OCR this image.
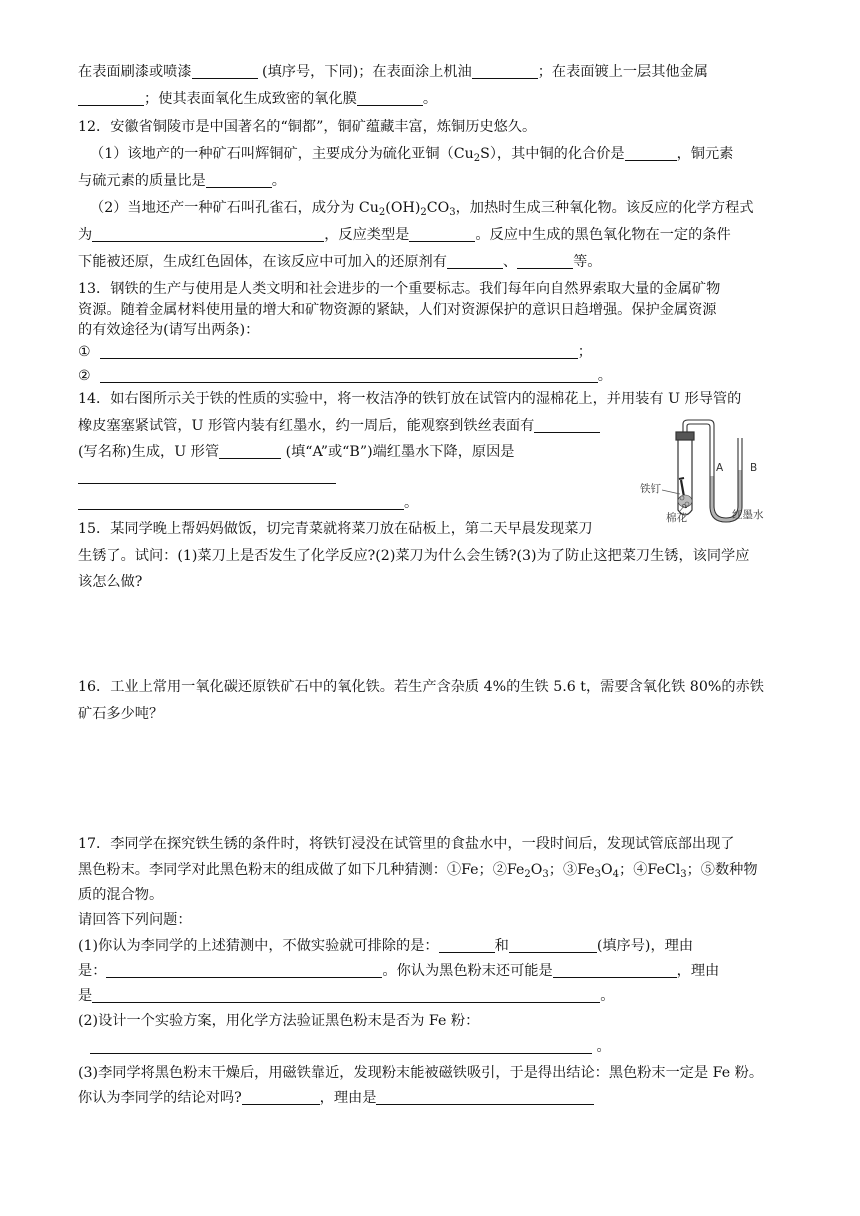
在表面刷漆或喷漆	(填序号，下同)；在表面涂上机油	；在表面镀上一层其他金属
；使其表面氧化生成致密的氧化膜	。
12．安徽省铜陵市是中国著名的“铜都”，铜矿蕴藏丰富，炼铜历史悠久。
（1）该地产的一种矿石叫辉铜矿，主要成分为硫化亚铜$(Cu_2S)$，其中铜的化合价是	，铜元素
与硫元素的质量比是	。
（2）当地还产一种矿石叫孔雀石，成分为 $Cu_2(OH)_2CO_3$，加热时生成三种氧化物。该反应的化学方程式
为	，反应类型是	。反应中生成的黑色氧化物在一定的条件
下能被还原，生成红色固体，在该反应中可加入的还原剂有	、	等。
13．钢铁的生产与使用是人类文明和社会进步的一个重要标志。我们每年向自然界索取大量的金属矿物
资源。随着金属材料使用量的增大和矿物资源的紧缺，人们对资源保护的意识日趋增强。保护金属资源
的有效途径为(请写出两条)：
①	；
②	。
14．如右图所示关于铁的性质的实验中，将一枚洁净的铁钉放在试管内的湿棉花上，并用装有 U 形导管的
橡皮塞塞紧试管，U 形管内装有红墨水，约一周后，能观察到铁丝表面有
(写名称)生成，U 形管	(填“A”或“B”)端红墨水下降，原因是
。
A	B
铁钉
棉花	红墨水
15．某同学晚上帮妈妈做饭，切完青菜就将菜刀放在砧板上，第二天早晨发现菜刀
生锈了。试问：(1)菜刀上是否发生了化学反应?(2)菜刀为什么会生锈?(3)为了防止这把菜刀生锈，该同学应
该怎么做?
16．工业上常用一氧化碳还原铁矿石中的氧化铁。若生产含杂质 4%的生铁 5.6 t，需要含氧化铁 80%的赤铁
矿石多少吨？
17．李同学在探究铁生锈的条件时，将铁钉浸没在试管里的食盐水中，一段时间后，发现试管底部出现了
黑色粉末。李同学对此黑色粉末的组成做了如下几种猜测：①Fe；$②Fe_2O_3$；$③Fe_3O_4$；④FeCl$_3$；⑤数种物
质的混合物。
请回答下列问题：
(1)你认为李同学的上述猜测中，不做实验就可排除的是：	和	(填序号)，理由
是：	。你认为黑色粉末还可能是	，理由
是	。
(2)设计一个实验方案，用化学方法验证黑色粉末是否为 Fe 粉：
。
(3)李同学将黑色粉末干燥后，用磁铁靠近，发现粉末能被磁铁吸引，于是得出结论：黑色粉末一定是 Fe 粉。
你认为李同学的结论对吗?	，理由是
